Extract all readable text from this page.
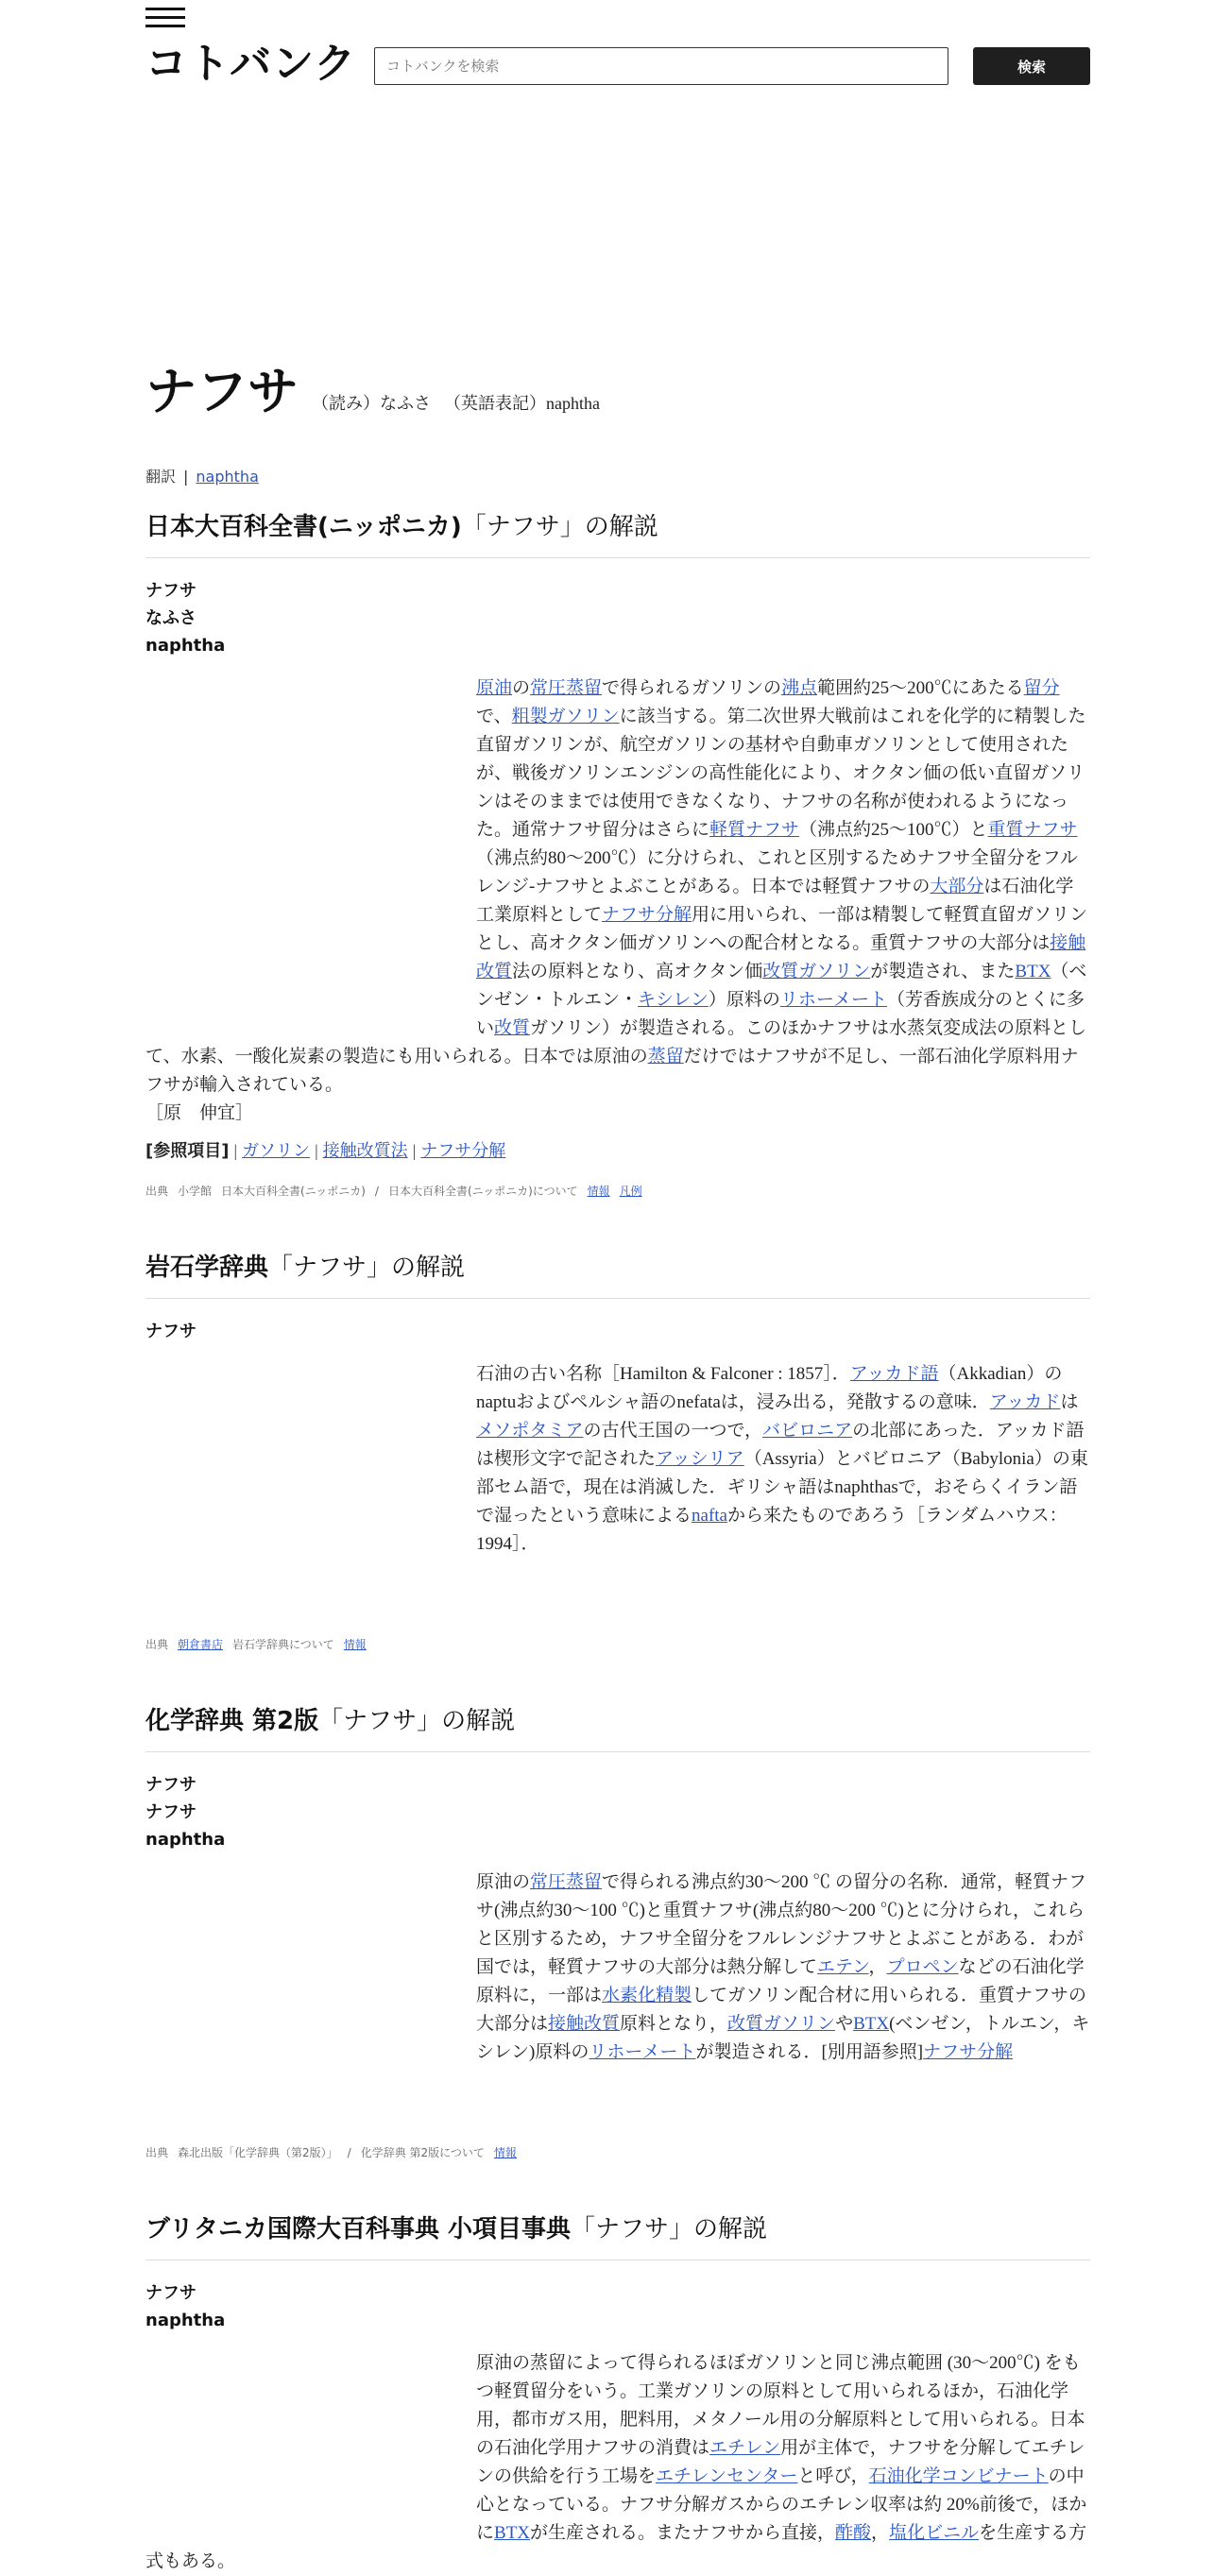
コトバンク
コトバンクを検索	検索
ナフサ （読み）なふさ （英語表記）naphtha
翻訳 | naphtha
日本大百科全書(ニッポニカ)「ナフサ」の解説
ナフサ
なふさ
naphtha
原油の常圧蒸留で得られるガソリンの沸点範囲約25～200℃にあたる留分で、粗製ガソリンに該当する。第二次世界大戦前はこれを化学的に精製した直留ガソリンが、航空ガソリンの基材や自動車ガソリンとして使用されたが、戦後ガソリンエンジンの高性能化により、オクタン価の低い直留ガソリンはそのままでは使用できなくなり、ナフサの名称が使われるようになった。通常ナフサ留分はさらに軽質ナフサ（沸点約25～100℃）と重質ナフサ（沸点約80～200℃）に分けられ、これと区別するためナフサ全留分をフルレンジ-ナフサとよぶことがある。日本では軽質ナフサの大部分は石油化学工業原料としてナフサ分解用に用いられ、一部は精製して軽質直留ガソリンとし、高オクタン価ガソリンへの配合材となる。重質ナフサの大部分は接触改質法の原料となり、高オクタン価改質ガソリンが製造され、またBTX（ベンゼン・トルエン・キシレン）原料のリホーメート（芳香族成分のとくに多い改質ガソリン）が製造される。このほかナフサは水蒸気変成法の原料として、水素、一酸化炭素の製造にも用いられる。日本では原油の蒸留だけではナフサが不足し、一部石油化学原料用ナフサが輸入されている。
［原　伸宜］
[参照項目] | ガソリン | 接触改質法 | ナフサ分解
出典 小学館 日本大百科全書(ニッポニカ) / 日本大百科全書(ニッポニカ)について 情報 凡例
岩石学辞典「ナフサ」の解説
ナフサ
石油の古い名称［Hamilton & Falconer : 1857］．アッカド語（Akkadian）のnaptuおよびペルシャ語のnefataは，浸み出る，発散するの意味．アッカドはメソポタミアの古代王国の一つで，バビロニアの北部にあった．アッカド語は楔形文字で記されたアッシリア（Assyria）とバビロニア（Babylonia）の東部セム語で，現在は消滅した．ギリシャ語はnaphthasで，おそらくイラン語で湿ったという意味によるnaftaから来たものであろう［ランダムハウス：1994］．
出典 朝倉書店 岩石学辞典について 情報
化学辞典 第2版「ナフサ」の解説
ナフサ
ナフサ
naphtha
原油の常圧蒸留で得られる沸点約30～200 ℃ の留分の名称．通常，軽質ナフサ(沸点約30～100 ℃)と重質ナフサ(沸点約80～200 ℃)とに分けられ，これらと区別するため，ナフサ全留分をフルレンジナフサとよぶことがある．わが国では，軽質ナフサの大部分は熱分解してエテン，プロペンなどの石油化学原料に，一部は水素化精製してガソリン配合材に用いられる．重質ナフサの大部分は接触改質原料となり，改質ガソリンやBTX(ベンゼン，トルエン，キシレン)原料のリホーメートが製造される．[別用語参照]ナフサ分解
出典 森北出版「化学辞典（第2版）」 / 化学辞典 第2版について 情報
ブリタニカ国際大百科事典 小項目事典「ナフサ」の解説
ナフサ
naphtha
原油の蒸留によって得られるほぼガソリンと同じ沸点範囲 (30～200℃) をもつ軽質留分をいう。工業ガソリンの原料として用いられるほか，石油化学用，都市ガス用，肥料用，メタノール用の分解原料として用いられる。日本の石油化学用ナフサの消費はエチレン用が主体で，ナフサを分解してエチレンの供給を行う工場をエチレンセンターと呼び，石油化学コンビナートの中心となっている。ナフサ分解ガスからのエチレン収率は約 20%前後で，ほかにBTXが生産される。またナフサから直接，酢酸，塩化ビニルを生産する方式もある。
